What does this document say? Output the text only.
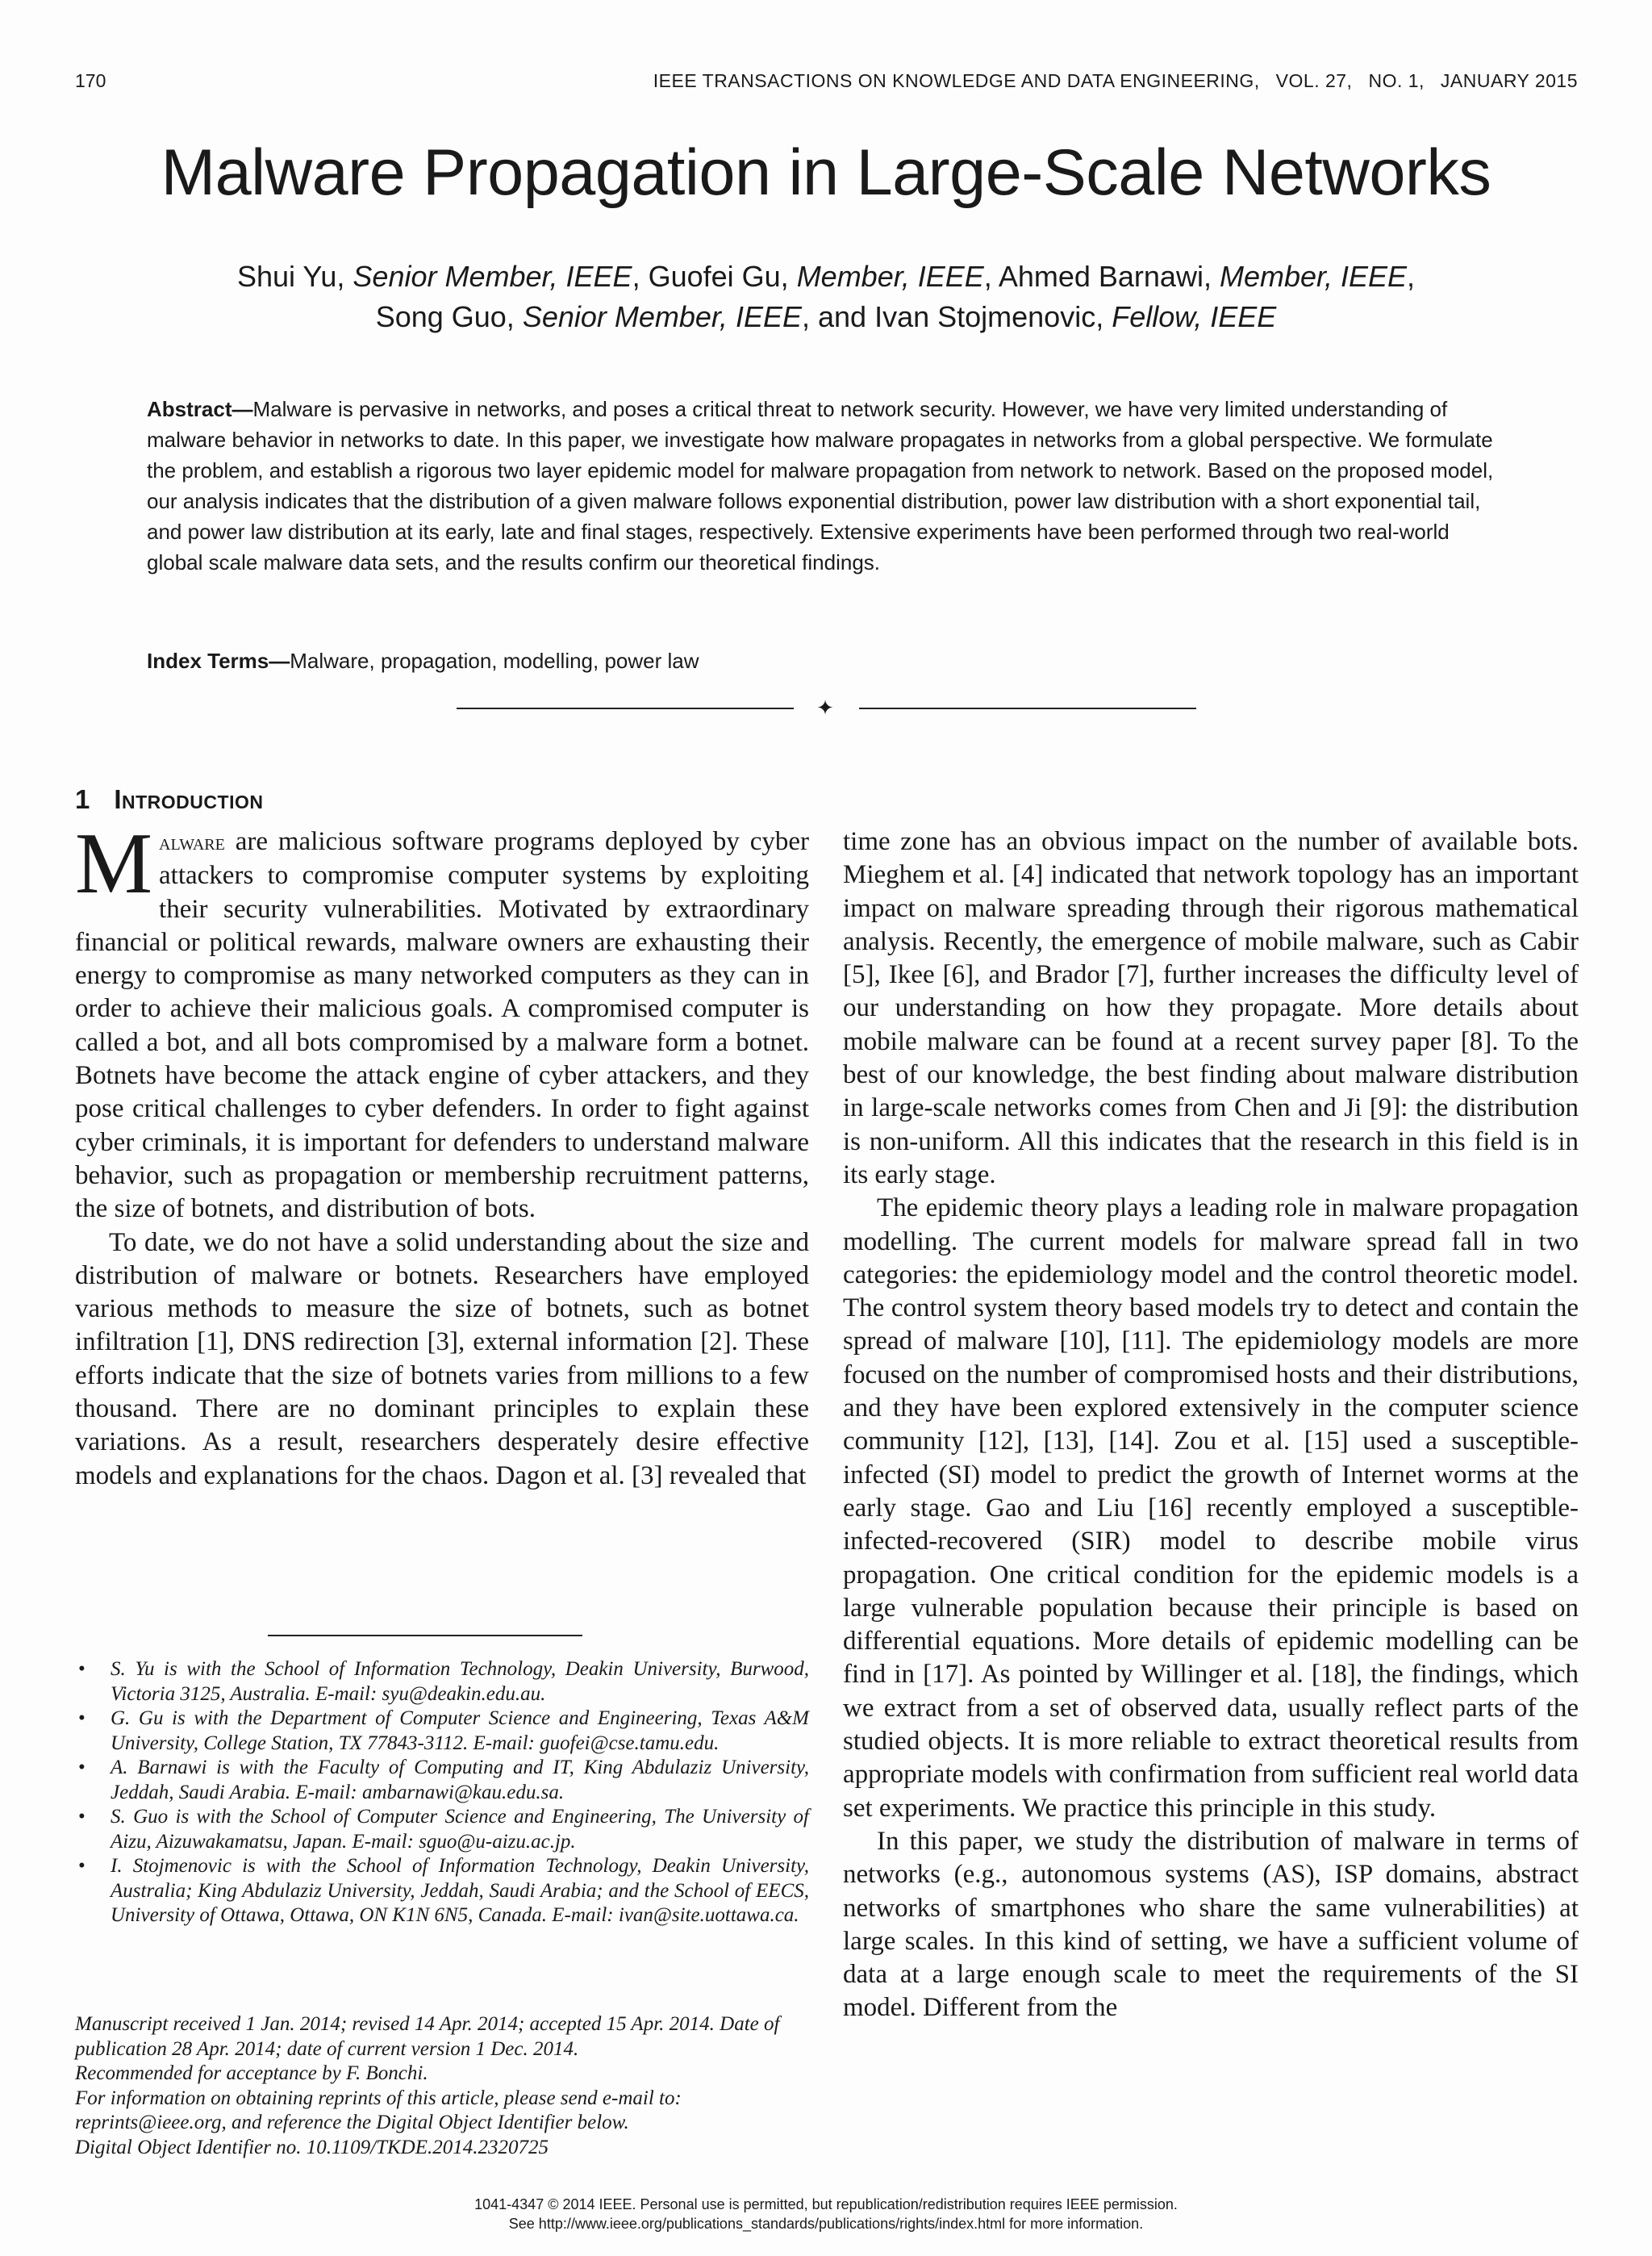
170	IEEE TRANSACTIONS ON KNOWLEDGE AND DATA ENGINEERING, VOL. 27, NO. 1, JANUARY 2015
Malware Propagation in Large-Scale Networks
Shui Yu, Senior Member, IEEE, Guofei Gu, Member, IEEE, Ahmed Barnawi, Member, IEEE,
Song Guo, Senior Member, IEEE, and Ivan Stojmenovic, Fellow, IEEE
Abstract—Malware is pervasive in networks, and poses a critical threat to network security. However, we have very limited understanding of malware behavior in networks to date. In this paper, we investigate how malware propagates in networks from a global perspective. We formulate the problem, and establish a rigorous two layer epidemic model for malware propagation from network to network. Based on the proposed model, our analysis indicates that the distribution of a given malware follows exponential distribution, power law distribution with a short exponential tail, and power law distribution at its early, late and final stages, respectively. Extensive experiments have been performed through two real-world global scale malware data sets, and the results confirm our theoretical findings.
Index Terms—Malware, propagation, modelling, power law
✦
1 Introduction

Malware are malicious software programs deployed by cyber attackers to compromise computer systems by exploiting their security vulnerabilities. Motivated by extraordinary financial or political rewards, malware owners are exhausting their energy to compromise as many networked computers as they can in order to achieve their malicious goals. A compromised computer is called a bot, and all bots compromised by a malware form a botnet. Botnets have become the attack engine of cyber attackers, and they pose critical challenges to cyber defenders. In order to fight against cyber criminals, it is important for defenders to understand malware behavior, such as propagation or membership recruitment patterns, the size of botnets, and distribution of bots.

To date, we do not have a solid understanding about the size and distribution of malware or botnets. Researchers have employed various methods to measure the size of botnets, such as botnet infiltration [1], DNS redirection [3], external information [2]. These efforts indicate that the size of botnets varies from millions to a few thousand. There are no dominant principles to explain these variations. As a result, researchers desperately desire effective models and explanations for the chaos. Dagon et al. [3] revealed that

• S. Yu is with the School of Information Technology, Deakin University, Burwood, Victoria 3125, Australia. E-mail: syu@deakin.edu.au.
• G. Gu is with the Department of Computer Science and Engineering, Texas A&M University, College Station, TX 77843-3112. E-mail: guofei@cse.tamu.edu.
• A. Barnawi is with the Faculty of Computing and IT, King Abdulaziz University, Jeddah, Saudi Arabia. E-mail: ambarnawi@kau.edu.sa.
• S. Guo is with the School of Computer Science and Engineering, The University of Aizu, Aizuwakamatsu, Japan. E-mail: sguo@u-aizu.ac.jp.
• I. Stojmenovic is with the School of Information Technology, Deakin University, Australia; King Abdulaziz University, Jeddah, Saudi Arabia; and the School of EECS, University of Ottawa, Ottawa, ON K1N 6N5, Canada. E-mail: ivan@site.uottawa.ca.

Manuscript received 1 Jan. 2014; revised 14 Apr. 2014; accepted 15 Apr. 2014. Date of publication 28 Apr. 2014; date of current version 1 Dec. 2014.

Recommended for acceptance by F. Bonchi.

For information on obtaining reprints of this article, please send e-mail to: reprints@ieee.org, and reference the Digital Object Identifier below.

Digital Object Identifier no. 10.1109/TKDE.2014.2320725

time zone has an obvious impact on the number of available bots. Mieghem et al. [4] indicated that network topology has an important impact on malware spreading through their rigorous mathematical analysis. Recently, the emergence of mobile malware, such as Cabir [5], Ikee [6], and Brador [7], further increases the difficulty level of our understanding on how they propagate. More details about mobile malware can be found at a recent survey paper [8]. To the best of our knowledge, the best finding about malware distribution in large-scale networks comes from Chen and Ji [9]: the distribution is non-uniform. All this indicates that the research in this field is in its early stage.

The epidemic theory plays a leading role in malware propagation modelling. The current models for malware spread fall in two categories: the epidemiology model and the control theoretic model. The control system theory based models try to detect and contain the spread of malware [10], [11]. The epidemiology models are more focused on the number of compromised hosts and their distributions, and they have been explored extensively in the computer science community [12], [13], [14]. Zou et al. [15] used a susceptible-infected (SI) model to predict the growth of Internet worms at the early stage. Gao and Liu [16] recently employed a susceptible-infected-recovered (SIR) model to describe mobile virus propagation. One critical condition for the epidemic models is a large vulnerable population because their principle is based on differential equations. More details of epidemic modelling can be find in [17]. As pointed by Willinger et al. [18], the findings, which we extract from a set of observed data, usually reflect parts of the studied objects. It is more reliable to extract theoretical results from appropriate models with confirmation from sufficient real world data set experiments. We practice this principle in this study.

In this paper, we study the distribution of malware in terms of networks (e.g., autonomous systems (AS), ISP domains, abstract networks of smartphones who share the same vulnerabilities) at large scales. In this kind of setting, we have a sufficient volume of data at a large enough scale to meet the requirements of the SI model. Different from the

1041-4347 © 2014 IEEE. Personal use is permitted, but republication/redistribution requires IEEE permission.
See http://www.ieee.org/publications_standards/publications/rights/index.html for more information.
